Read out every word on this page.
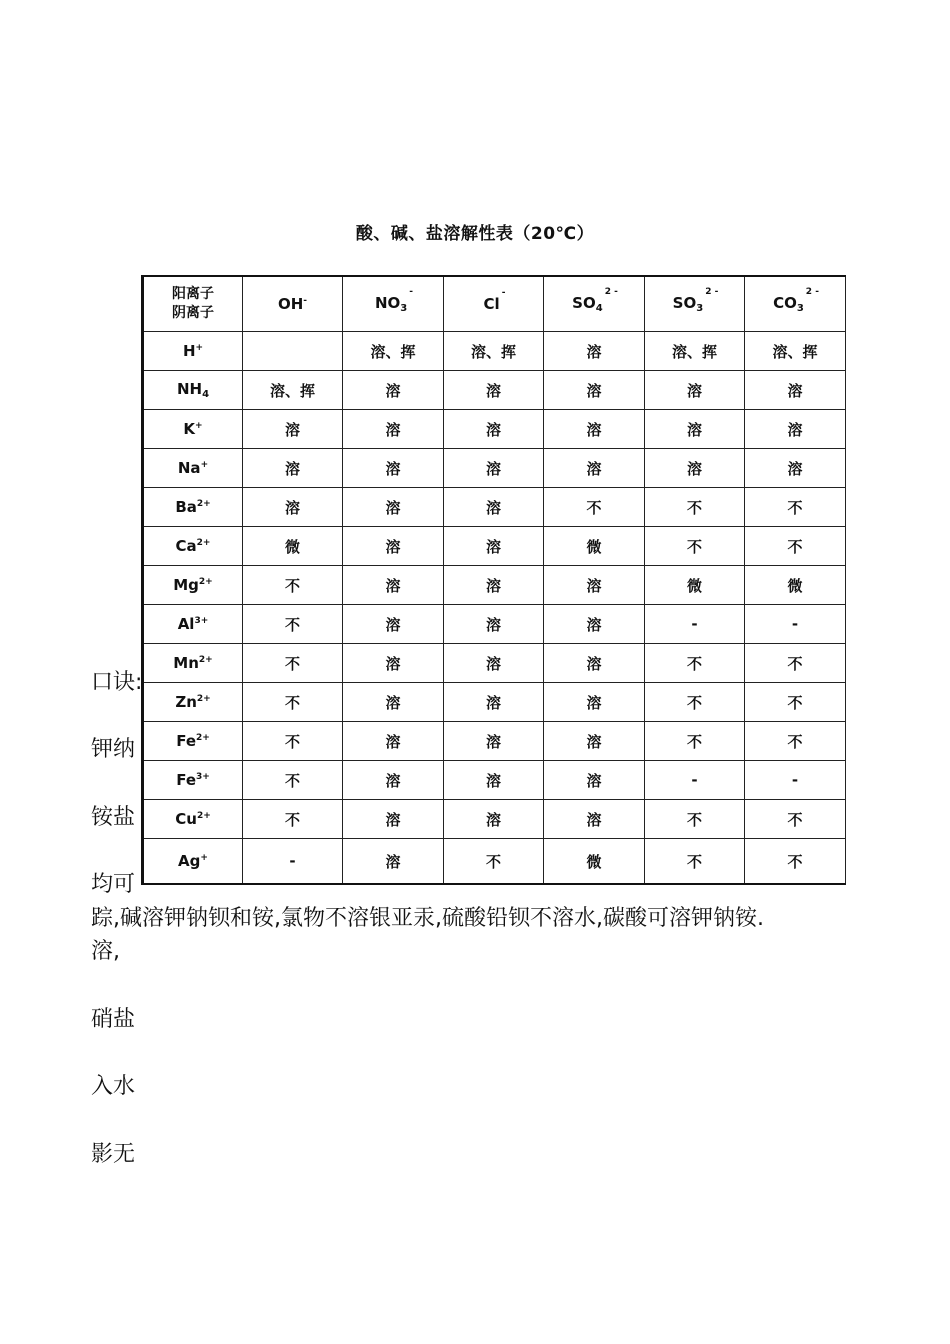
酸、碱、盐溶解性表（20℃）

口诀:

钾纳

铵盐

均可

溶,

硝盐

入水

影无

阳离子
阴离子	OH-	$NO_3^-$	Cl-	$SO_4^{2 -}$	$SO_3^{2 -}$	$CO_3^{2 -}$
H+		溶、挥	溶、挥	溶	溶、挥	溶、挥
$NH_4$	溶、挥	溶	溶	溶	溶	溶
K+	溶	溶	溶	溶	溶	溶
Na+	溶	溶	溶	溶	溶	溶
$Ba^{2+}$	溶	溶	溶	不	不	不
$Ca^{2+}$	微	溶	溶	微	不	不
$Mg^{2+}$	不	溶	溶	溶	微	微
$Al^{3+}$	不	溶	溶	溶	-	-
$Mn^{2+}$	不	溶	溶	溶	不	不
$Zn^{2+}$	不	溶	溶	溶	不	不
$Fe^{2+}$	不	溶	溶	溶	不	不
$Fe^{3+}$	不	溶	溶	溶	-	-
$Cu^{2+}$	不	溶	溶	溶	不	不
Ag+	-	溶	不	微	不	不
踪,碱溶钾钠钡和铵,氯物不溶银亚汞,硫酸铅钡不溶水,碳酸可溶钾钠铵.
